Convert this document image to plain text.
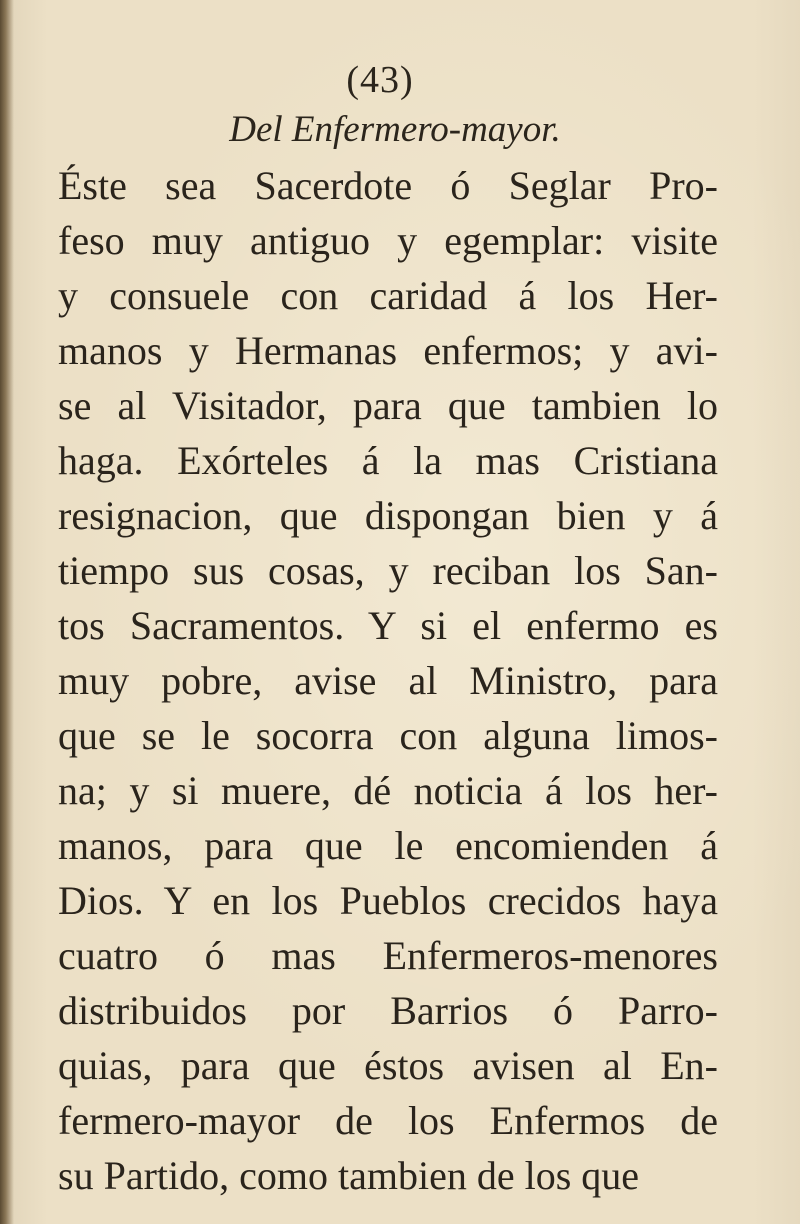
(43)
Del Enfermero-mayor.
Éste sea Sacerdote ó Seglar Pro-
feso muy antiguo y egemplar: visite
y consuele con caridad á los Her-
manos y Hermanas enfermos; y avi-
se al Visitador, para que tambien lo
haga. Exórteles á la mas Cristiana
resignacion, que dispongan bien y á
tiempo sus cosas, y reciban los San-
tos Sacramentos. Y si el enfermo es
muy pobre, avise al Ministro, para
que se le socorra con alguna limos-
na; y si muere, dé noticia á los her-
manos, para que le encomienden á
Dios. Y en los Pueblos crecidos haya
cuatro ó mas Enfermeros-menores
distribuidos por Barrios ó Parro-
quias, para que éstos avisen al En-
fermero-mayor de los Enfermos de
su Partido, como tambien de los que
